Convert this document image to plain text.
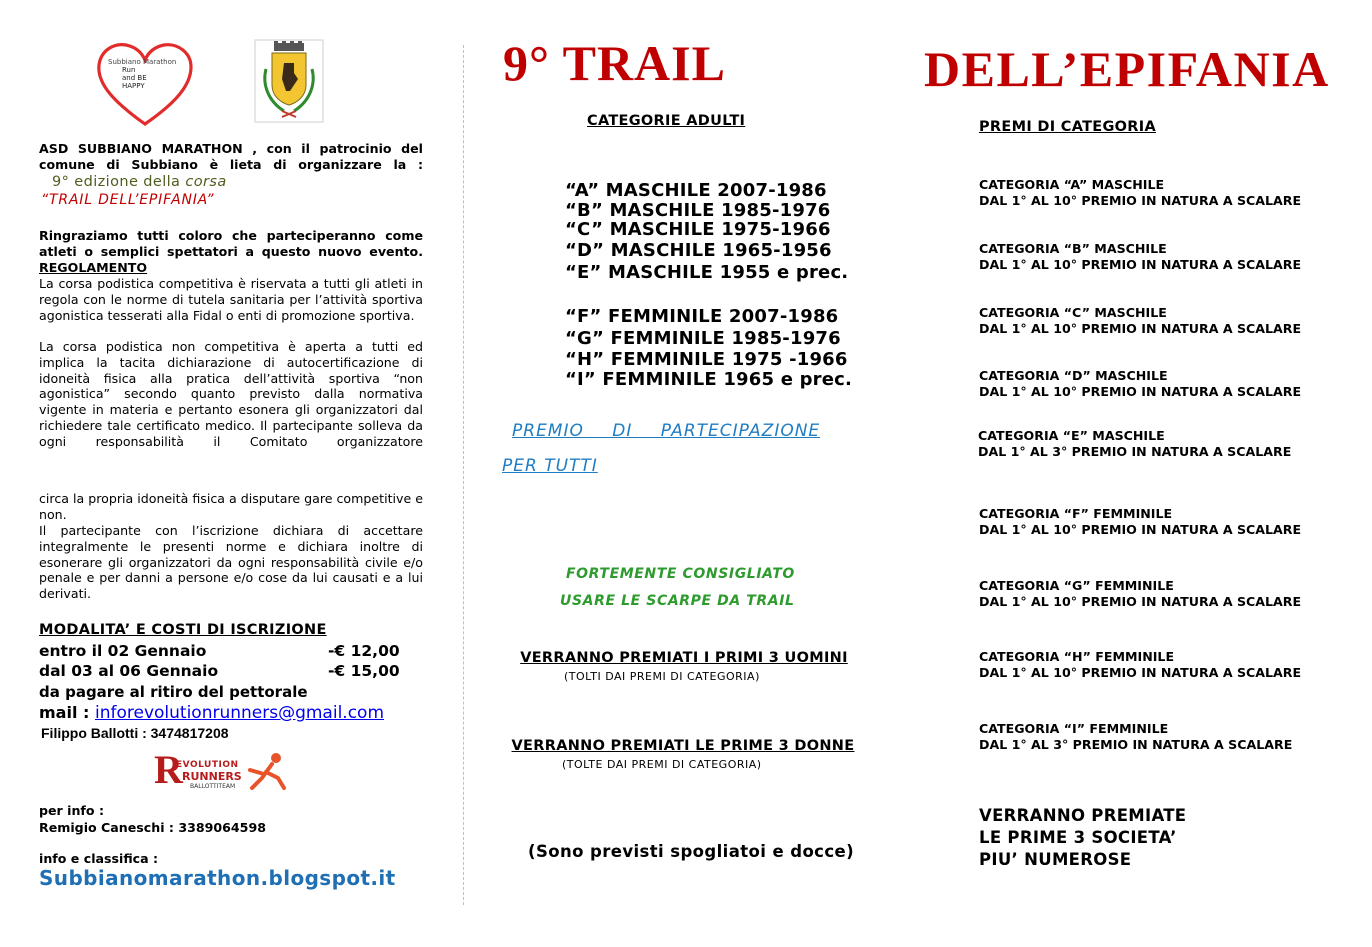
Subbiano Marathon
Run
and BE
HAPPY
ASD SUBBIANO MARATHON , con il patrocinio del comune di Subbiano è lieta di organizzare la :
9° edizione della corsa
“TRAIL DELL’EPIFANIA”
Ringraziamo tutti coloro che parteciperanno come atleti o semplici spettatori a questo nuovo evento.
REGOLAMENTO
La corsa podistica competitiva è riservata a tutti gli atleti in regola con le norme di tutela sanitaria per l’attività sportiva agonistica tesserati alla Fidal o enti di promozione sportiva.
La corsa podistica non competitiva è aperta a tutti ed implica la tacita dichiarazione di autocertificazione di idoneità fisica alla pratica dell’attività sportiva “non agonistica” secondo quanto previsto dalla normativa vigente in materia e pertanto esonera gli organizzatori dal richiedere tale certificato medico. Il partecipante solleva da ogni responsabilità il Comitato organizzatore
circa la propria idoneità fisica a disputare gare competitive e non.
Il partecipante con l’iscrizione dichiara di accettare integralmente le presenti norme e dichiara inoltre di esonerare gli organizzatori da ogni responsabilità civile e/o penale e per danni a persone e/o cose da lui causati e a lui derivati.
MODALITA’ E COSTI DI ISCRIZIONE
entro il 02 Gennaio	-€ 12,00
dal 03 al 06 Gennaio	-€ 15,00
da pagare al ritiro del pettorale
mail : inforevolutionrunners@gmail.com
Filippo Ballotti : 3474817208
R
EVOLUTION
RUNNERS
BALLOTTITEAM
per info :
Remigio Caneschi : 3389064598
info e classifica :
Subbianomarathon.blogspot.it
9° TRAIL	DELL’EPIFANIA
CATEGORIE ADULTI
“A” MASCHILE 2007-1986
“B” MASCHILE 1985-1976
“C” MASCHILE 1975-1966
“D” MASCHILE 1965-1956
“E” MASCHILE 1955 e prec.
“F” FEMMINILE 2007-1986
“G” FEMMINILE 1985-1976
“H” FEMMINILE 1975 -1966
“I” FEMMINILE 1965 e prec.
PREMIO DI PARTECIPAZIONE
PER TUTTI
FORTEMENTE CONSIGLIATO
USARE LE SCARPE DA TRAIL
VERRANNO PREMIATI I PRIMI 3 UOMINI
(TOLTI DAI PREMI DI CATEGORIA)
VERRANNO PREMIATI LE PRIME 3 DONNE
(TOLTE DAI PREMI DI CATEGORIA)
(Sono previsti spogliatoi e docce)
PREMI DI CATEGORIA
CATEGORIA “A” MASCHILE
DAL 1° AL 10° PREMIO IN NATURA A SCALARE
CATEGORIA “B” MASCHILE
DAL 1° AL 10° PREMIO IN NATURA A SCALARE
CATEGORIA “C” MASCHILE
DAL 1° AL 10° PREMIO IN NATURA A SCALARE
CATEGORIA “D” MASCHILE
DAL 1° AL 10° PREMIO IN NATURA A SCALARE
CATEGORIA “E” MASCHILE
DAL 1° AL 3° PREMIO IN NATURA A SCALARE
CATEGORIA “F” FEMMINILE
DAL 1° AL 10° PREMIO IN NATURA A SCALARE
CATEGORIA “G” FEMMINILE
DAL 1° AL 10° PREMIO IN NATURA A SCALARE
CATEGORIA “H” FEMMINILE
DAL 1° AL 10° PREMIO IN NATURA A SCALARE
CATEGORIA “I” FEMMINILE
DAL 1° AL 3° PREMIO IN NATURA A SCALARE
VERRANNO PREMIATE
LE PRIME 3 SOCIETA’
PIU’ NUMEROSE
